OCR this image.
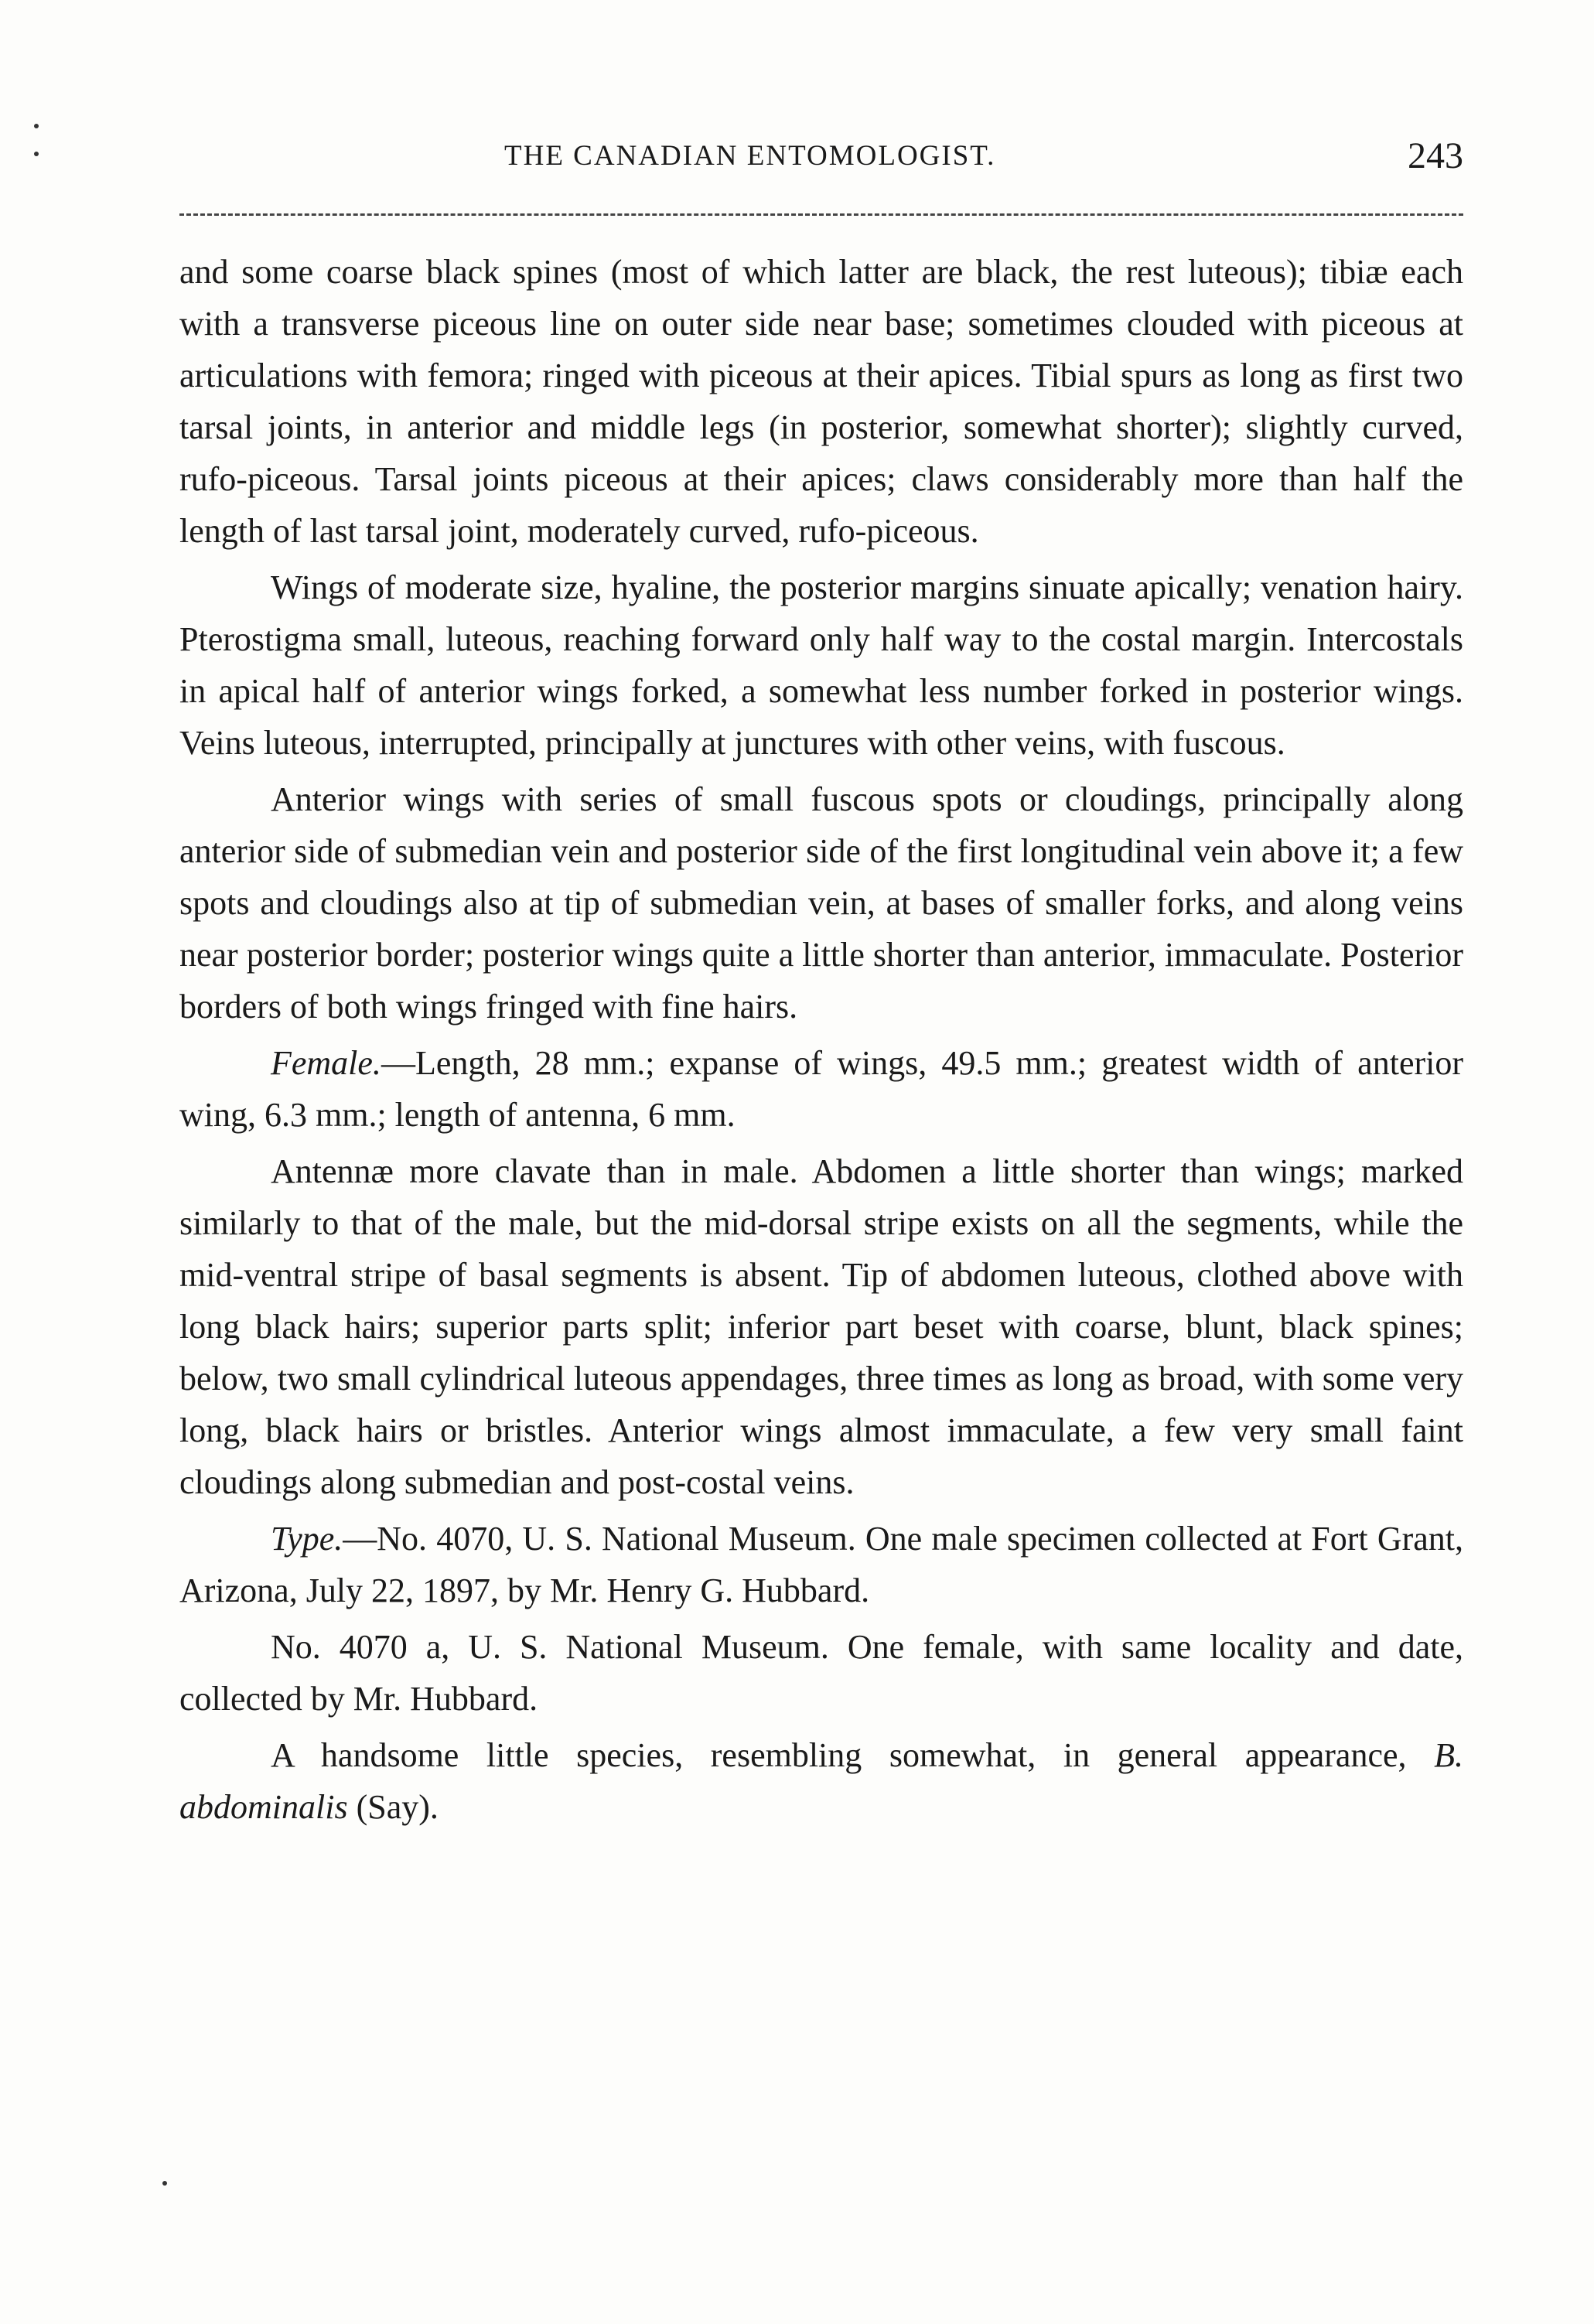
THE CANADIAN ENTOMOLOGIST.	243

and some coarse black spines (most of which latter are black, the rest luteous); tibiæ each with a transverse piceous line on outer side near base; sometimes clouded with piceous at articulations with femora; ringed with piceous at their apices. Tibial spurs as long as first two tarsal joints, in anterior and middle legs (in posterior, somewhat shorter); slightly curved, rufo-piceous. Tarsal joints piceous at their apices; claws considerably more than half the length of last tarsal joint, moderately curved, rufo-piceous.

Wings of moderate size, hyaline, the posterior margins sinuate apically; venation hairy. Pterostigma small, luteous, reaching forward only half way to the costal margin. Intercostals in apical half of anterior wings forked, a somewhat less number forked in posterior wings. Veins luteous, interrupted, principally at junctures with other veins, with fuscous.

Anterior wings with series of small fuscous spots or cloudings, principally along anterior side of submedian vein and posterior side of the first longitudinal vein above it; a few spots and cloudings also at tip of submedian vein, at bases of smaller forks, and along veins near posterior border; posterior wings quite a little shorter than anterior, immaculate. Posterior borders of both wings fringed with fine hairs.

Female.—Length, 28 mm.; expanse of wings, 49.5 mm.; greatest width of anterior wing, 6.3 mm.; length of antenna, 6 mm.

Antennæ more clavate than in male. Abdomen a little shorter than wings; marked similarly to that of the male, but the mid-dorsal stripe exists on all the segments, while the mid-ventral stripe of basal segments is absent. Tip of abdomen luteous, clothed above with long black hairs; superior parts split; inferior part beset with coarse, blunt, black spines; below, two small cylindrical luteous appendages, three times as long as broad, with some very long, black hairs or bristles. Anterior wings almost immaculate, a few very small faint cloudings along submedian and post-costal veins.

Type.—No. 4070, U. S. National Museum. One male specimen collected at Fort Grant, Arizona, July 22, 1897, by Mr. Henry G. Hubbard.

No. 4070 a, U. S. National Museum. One female, with same locality and date, collected by Mr. Hubbard.

A handsome little species, resembling somewhat, in general appearance, B. abdominalis (Say).
